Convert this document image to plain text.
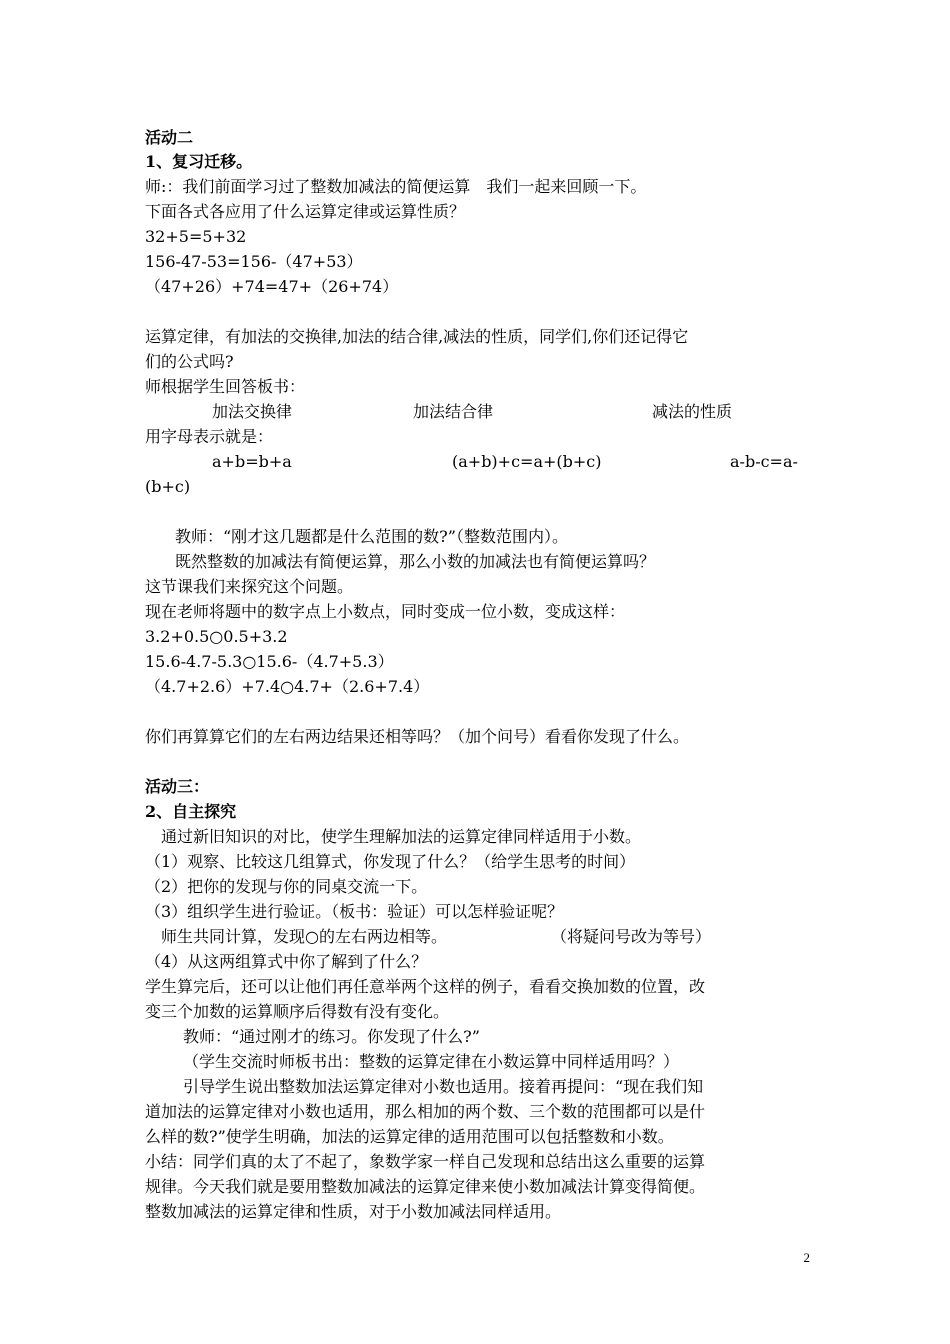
活动二
1、复习迁移。
师:：我们前面学习过了整数加减法的简便运算　我们一起来回顾一下。
下面各式各应用了什么运算定律或运算性质？
32+5=5+32
156-47-53=156-（47+53）
（47+26）+74=47+（26+74）
运算定律，有加法的交换律,加法的结合律,减法的性质，同学们,你们还记得它
们的公式吗?
师根据学生回答板书：
加法交换律	加法结合律	减法的性质
用字母表示就是：
a+b=b+a	(a+b)+c=a+(b+c)	a-b-c=a-
(b+c)
教师：“刚才这几题都是什么范围的数?”（整数范围内）。
既然整数的加减法有简便运算，那么小数的加减法也有简便运算吗？
这节课我们来探究这个问题。
现在老师将题中的数字点上小数点，同时变成一位小数，变成这样：
3.2+0.5○0.5+3.2
15.6-4.7-5.3○15.6-（4.7+5.3）
（4.7+2.6）+7.4○4.7+（2.6+7.4）
你们再算算它们的左右两边结果还相等吗？（加个问号）看看你发现了什么。
活动三：
2、自主探究
通过新旧知识的对比，使学生理解加法的运算定律同样适用于小数。
（1）观察、比较这几组算式，你发现了什么？（给学生思考的时间）
（2）把你的发现与你的同桌交流一下。
（3）组织学生进行验证。（板书：验证）可以怎样验证呢？
师生共同计算，发现○的左右两边相等。	（将疑问号改为等号）
（4）从这两组算式中你了解到了什么？
学生算完后，还可以让他们再任意举两个这样的例子，看看交换加数的位置，改
变三个加数的运算顺序后得数有没有变化。
教师：“通过刚才的练习。你发现了什么?”
（学生交流时师板书出：整数的运算定律在小数运算中同样适用吗？）
引导学生说出整数加法运算定律对小数也适用。接着再提问：“现在我们知
道加法的运算定律对小数也适用，那么相加的两个数、三个数的范围都可以是什
么样的数?”使学生明确，加法的运算定律的适用范围可以包括整数和小数。
小结：同学们真的太了不起了，象数学家一样自己发现和总结出这么重要的运算
规律。今天我们就是要用整数加减法的运算定律来使小数加减法计算变得简便。
整数加减法的运算定律和性质，对于小数加减法同样适用。
2
